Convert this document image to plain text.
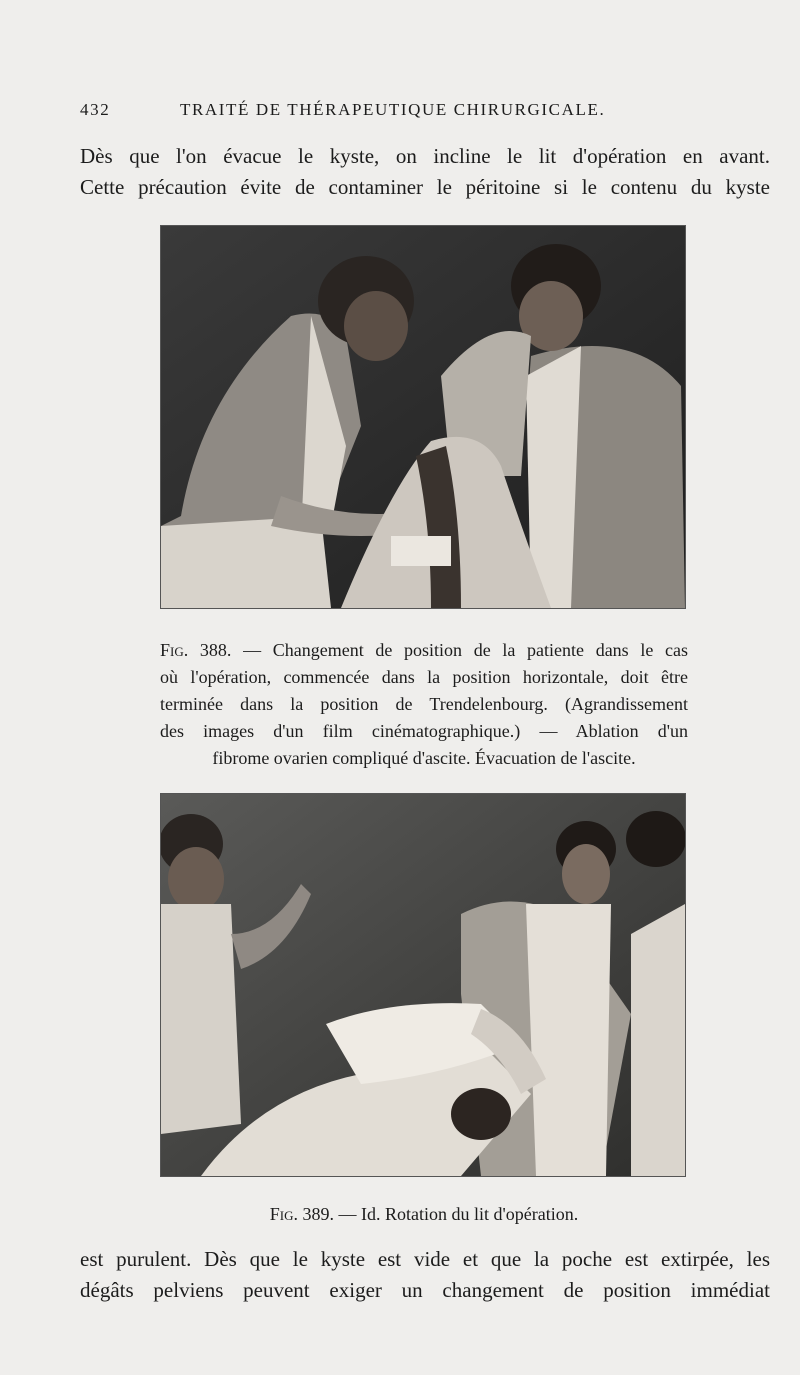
432	TRAITÉ DE THÉRAPEUTIQUE CHIRURGICALE.
Dès que l'on évacue le kyste, on incline le lit d'opération en avant.
Cette précaution évite de contaminer le péritoine si le contenu du kyste
Fig. 388. — Changement de position de la patiente dans le cas
où l'opération, commencée dans la position horizontale, doit être
terminée dans la position de Trendelenbourg. (Agrandissement
des images d'un film cinématographique.) — Ablation d'un
fibrome ovarien compliqué d'ascite. Évacuation de l'ascite.
Fig. 389. — Id. Rotation du lit d'opération.
est purulent. Dès que le kyste est vide et que la poche est extirpée, les
dégâts pelviens peuvent exiger un changement de position immédiat
